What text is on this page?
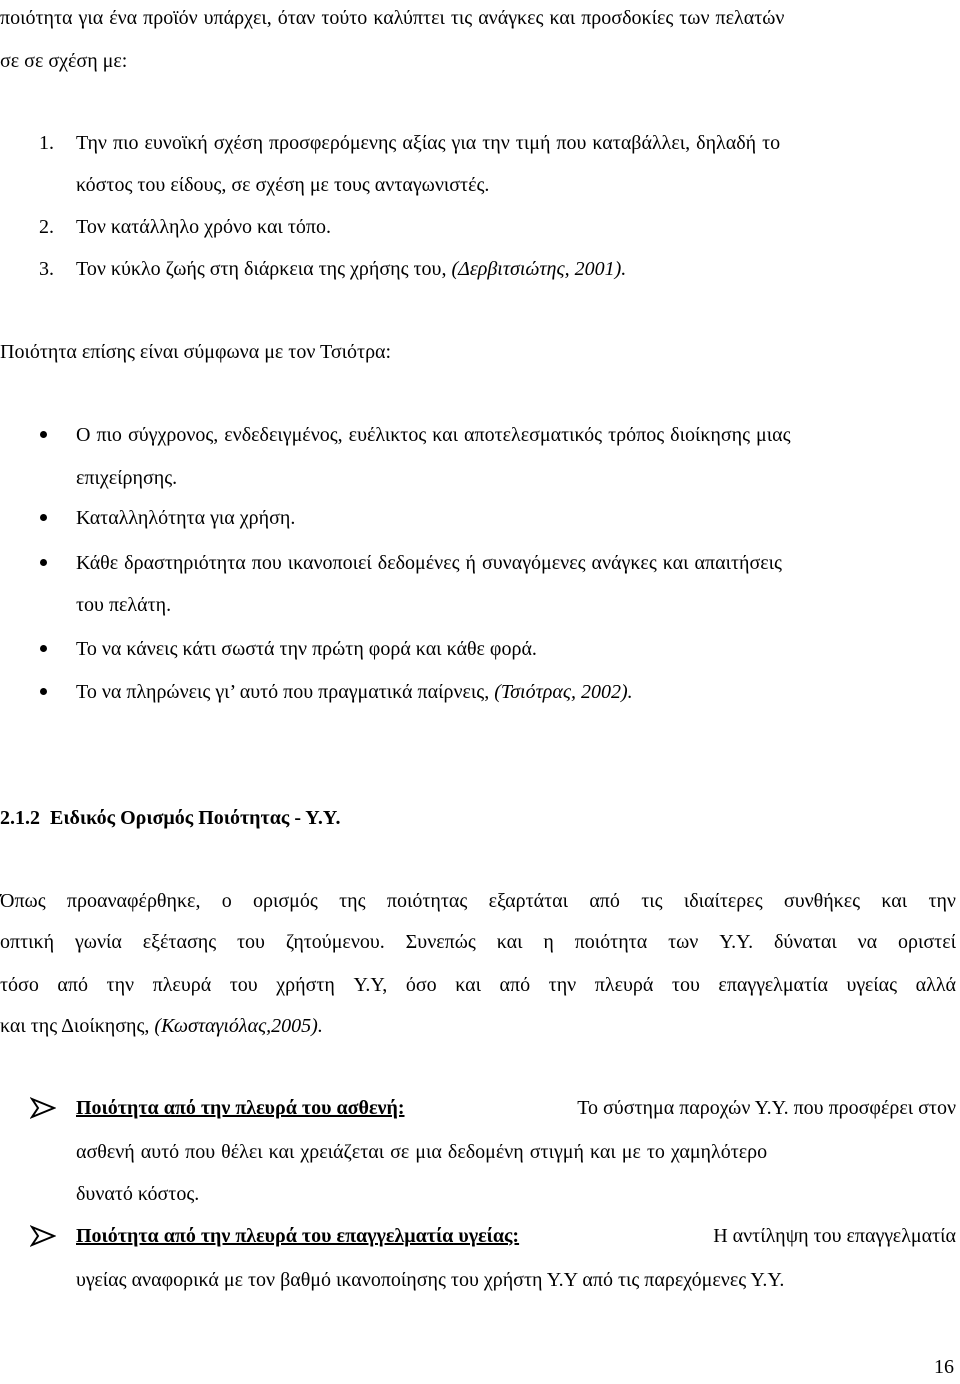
ποιότητα για ένα προϊόν υπάρχει, όταν τούτο καλύπτει τις ανάγκες και προσδοκίες των πελατών
σε σε σχέση με:
1. Την πιο ευνοϊκή σχέση προσφερόμενης αξίας για την τιμή που καταβάλλει, δηλαδή το
κόστος του είδους, σε σχέση με τους ανταγωνιστές.
2. Τον κατάλληλο χρόνο και τόπο.
3. Τον κύκλο ζωής στη διάρκεια της χρήσης του, (Δερβιτσιώτης, 2001).
Ποιότητα επίσης είναι σύμφωνα με τον Τσιότρα:
Ο πιο σύγχρονος, ενδεδειγμένος, ευέλικτος και αποτελεσματικός τρόπος διοίκησης μιας
επιχείρησης.
Καταλληλότητα για χρήση.
Κάθε δραστηριότητα που ικανοποιεί δεδομένες ή συναγόμενες ανάγκες και απαιτήσεις
του πελάτη.
Το να κάνεις κάτι σωστά την πρώτη φορά και κάθε φορά.
Το να πληρώνεις γι’ αυτό που πραγματικά παίρνεις, (Τσιότρας, 2002).
2.1.2  Ειδικός Ορισμός Ποιότητας - Υ.Υ.
Όπως προαναφέρθηκε, ο ορισμός της ποιότητας εξαρτάται από τις ιδιαίτερες συνθήκες και την
οπτική γωνία εξέτασης του ζητούμενου. Συνεπώς και η ποιότητα των Υ.Υ. δύναται να οριστεί
τόσο από την πλευρά του χρήστη Υ.Υ, όσο και από την πλευρά του επαγγελματία υγείας αλλά
και της Διοίκησης, (Κωσταγιόλας,2005).
Ποιότητα από την πλευρά του ασθενή:	Το σύστημα παροχών Υ.Υ. που προσφέρει στον
ασθενή αυτό που θέλει και χρειάζεται σε μια δεδομένη στιγμή και με το χαμηλότερο
δυνατό κόστος.
Ποιότητα από την πλευρά του επαγγελματία υγείας:	Η αντίληψη του επαγγελματία
υγείας αναφορικά με τον βαθμό ικανοποίησης του χρήστη Υ.Υ από τις παρεχόμενες Υ.Υ.
16
